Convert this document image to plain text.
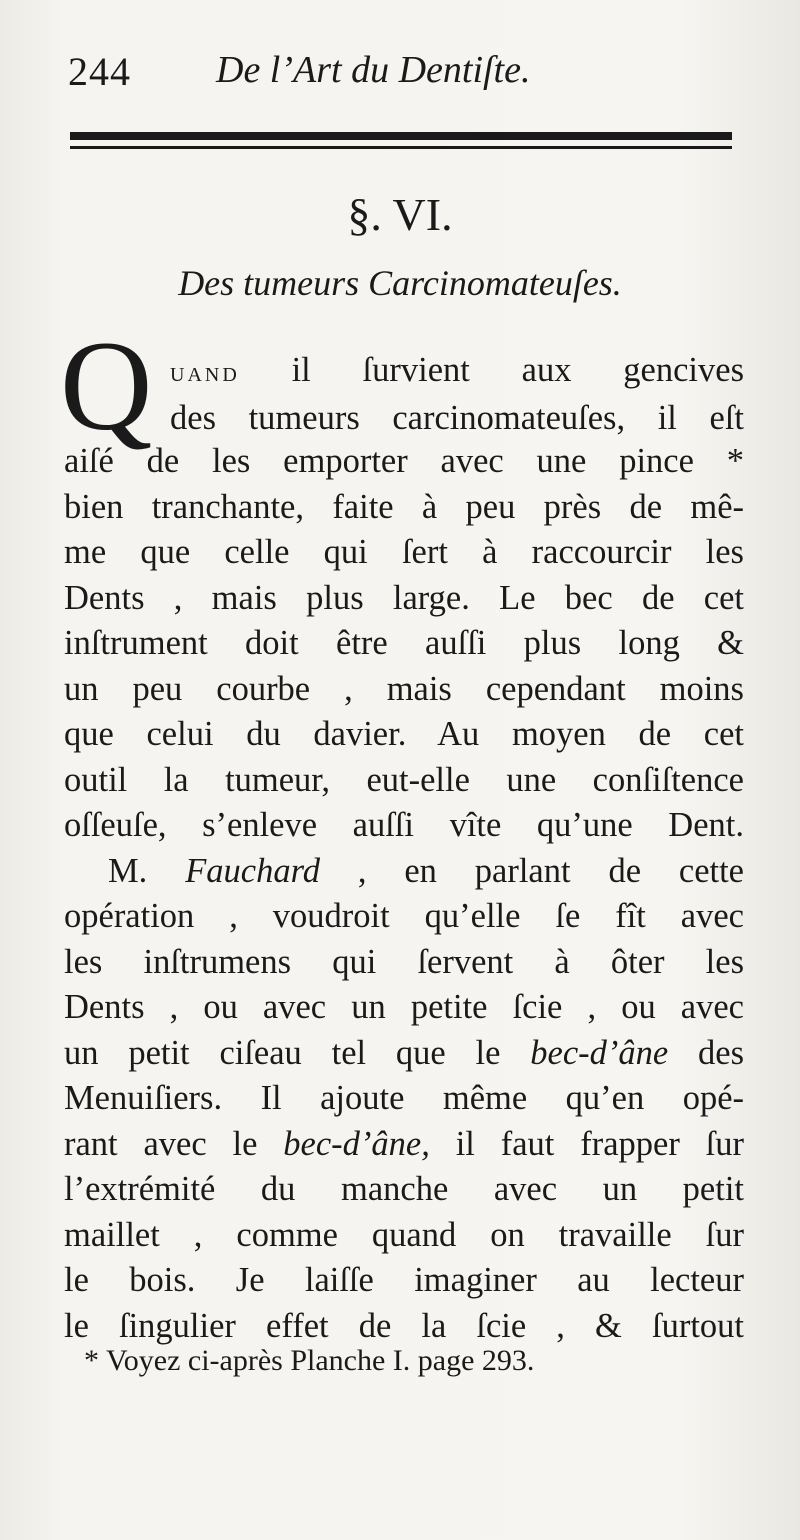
244 De l’Art du Dentiſte.
§. VI.
Des tumeurs Carcinomateuſes.
Q uand il ſurvient aux gencives
des tumeurs carcinomateuſes, il eſt
aiſé de les emporter avec une pince *
bien tranchante, faite à peu près de mê-
me que celle qui ſert à raccourcir les
Dents , mais plus large. Le bec de cet
inſtrument doit être auſſi plus long &
un peu courbe , mais cependant moins
que celui du davier. Au moyen de cet
outil la tumeur, eut-elle une conſiſtence
oſſeuſe, s’enleve auſſi vîte qu’une Dent.
M. Fauchard , en parlant de cette
opération , voudroit qu’elle ſe fît avec
les inſtrumens qui ſervent à ôter les
Dents , ou avec un petite ſcie , ou avec
un petit ciſeau tel que le bec-d’âne des
Menuiſiers. Il ajoute même qu’en opé-
rant avec le bec-d’âne, il faut frapper ſur
l’extrémité du manche avec un petit
maillet , comme quand on travaille ſur
le bois. Je laiſſe imaginer au lecteur
le ſingulier effet de la ſcie , & ſurtout
* Voyez ci-après Planche I. page 293.
